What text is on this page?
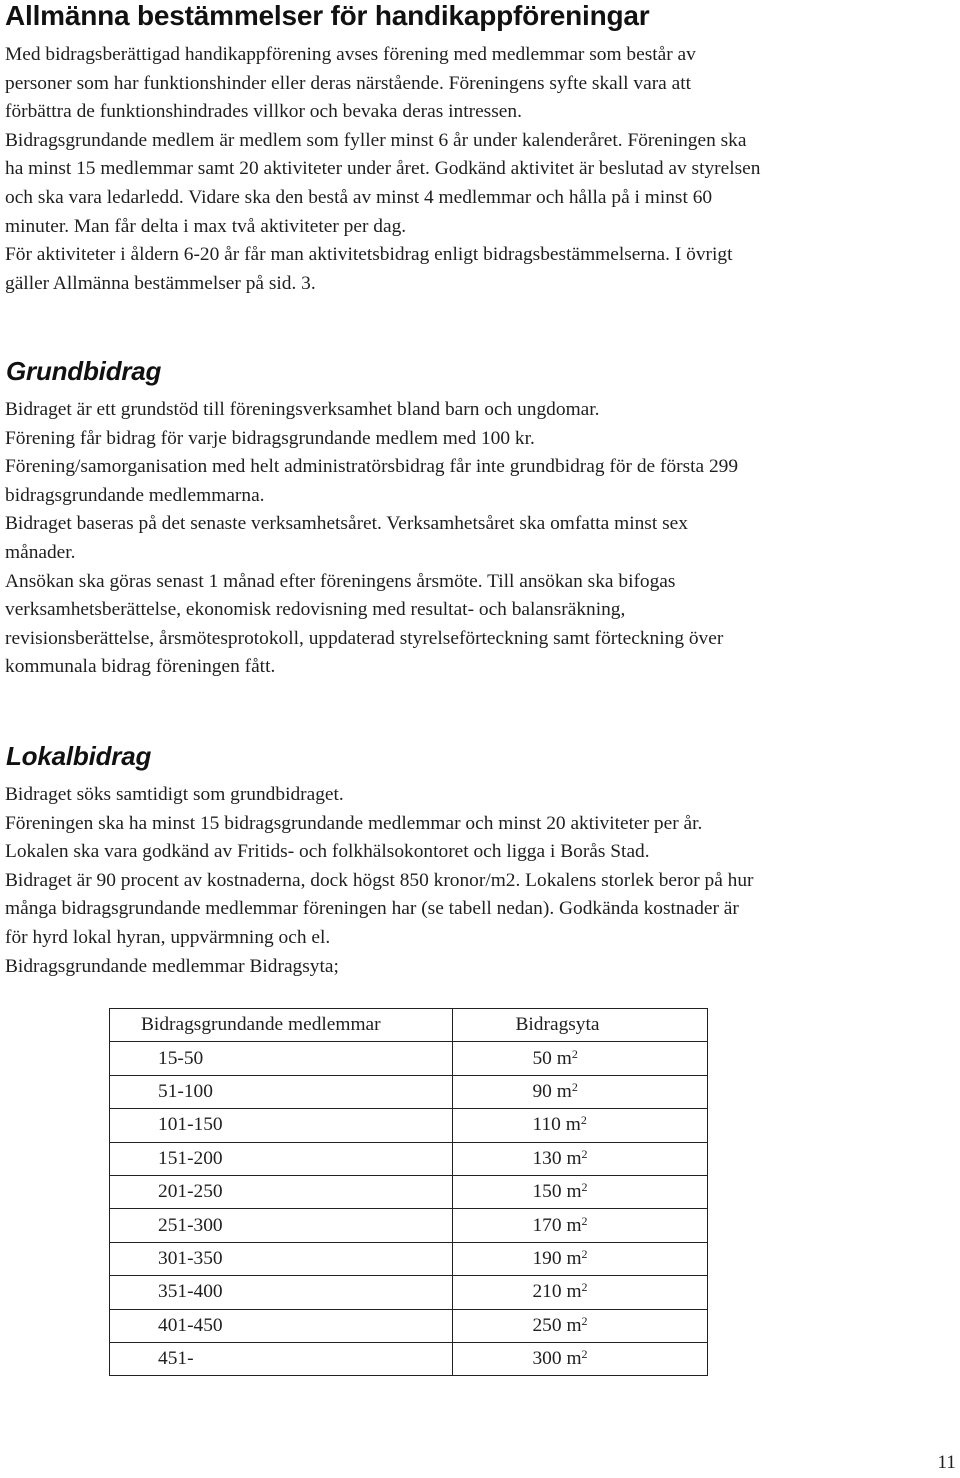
Allmänna bestämmelser för handikappföreningar

Med bidragsberättigad handikappförening avses förening med medlemmar som består av

personer som har funktionshinder eller deras närstående. Föreningens syfte skall vara att

förbättra de funktionshindrades villkor och bevaka deras intressen.

Bidragsgrundande medlem är medlem som fyller minst 6 år under kalenderåret. Föreningen ska

ha minst 15 medlemmar samt 20 aktiviteter under året. Godkänd aktivitet är beslutad av styrelsen

och ska vara ledarledd. Vidare ska den bestå av minst 4 medlemmar och hålla på i minst 60

minuter. Man får delta i max två aktiviteter per dag.

För aktiviteter i åldern 6-20 år får man aktivitetsbidrag enligt bidragsbestämmelserna. I övrigt

gäller Allmänna bestämmelser på sid. 3.

Grundbidrag

Bidraget är ett grundstöd till föreningsverksamhet bland barn och ungdomar.

Förening får bidrag för varje bidragsgrundande medlem med 100 kr.

Förening/samorganisation med helt administratörsbidrag får inte grundbidrag för de första 299

bidragsgrundande medlemmarna.

Bidraget baseras på det senaste verksamhetsåret. Verksamhetsåret ska omfatta minst sex

månader.

Ansökan ska göras senast 1 månad efter föreningens årsmöte. Till ansökan ska bifogas

verksamhetsberättelse, ekonomisk redovisning med resultat- och balansräkning,

revisionsberättelse, årsmötesprotokoll, uppdaterad styrelseförteckning samt förteckning över

kommunala bidrag föreningen fått.

Lokalbidrag

Bidraget söks samtidigt som grundbidraget.

Föreningen ska ha minst 15 bidragsgrundande medlemmar och minst 20 aktiviteter per år.

Lokalen ska vara godkänd av Fritids- och folkhälsokontoret och ligga i Borås Stad.

Bidraget är 90 procent av kostnaderna, dock högst 850 kronor/m2. Lokalens storlek beror på hur

många bidragsgrundande medlemmar föreningen har (se tabell nedan). Godkända kostnader är

för hyrd lokal hyran, uppvärmning och el.

Bidragsgrundande medlemmar Bidragsyta;

Bidragsgrundande medlemmar	Bidragsyta
15-50	50 $m^2$
51-100	90 $m^2$
101-150	110 $m^2$
151-200	130 $m^2$
201-250	150 $m^2$
251-300	170 $m^2$
301-350	190 $m^2$
351-400	210 $m^2$
401-450	250 $m^2$
451-	300 $m^2$
11
